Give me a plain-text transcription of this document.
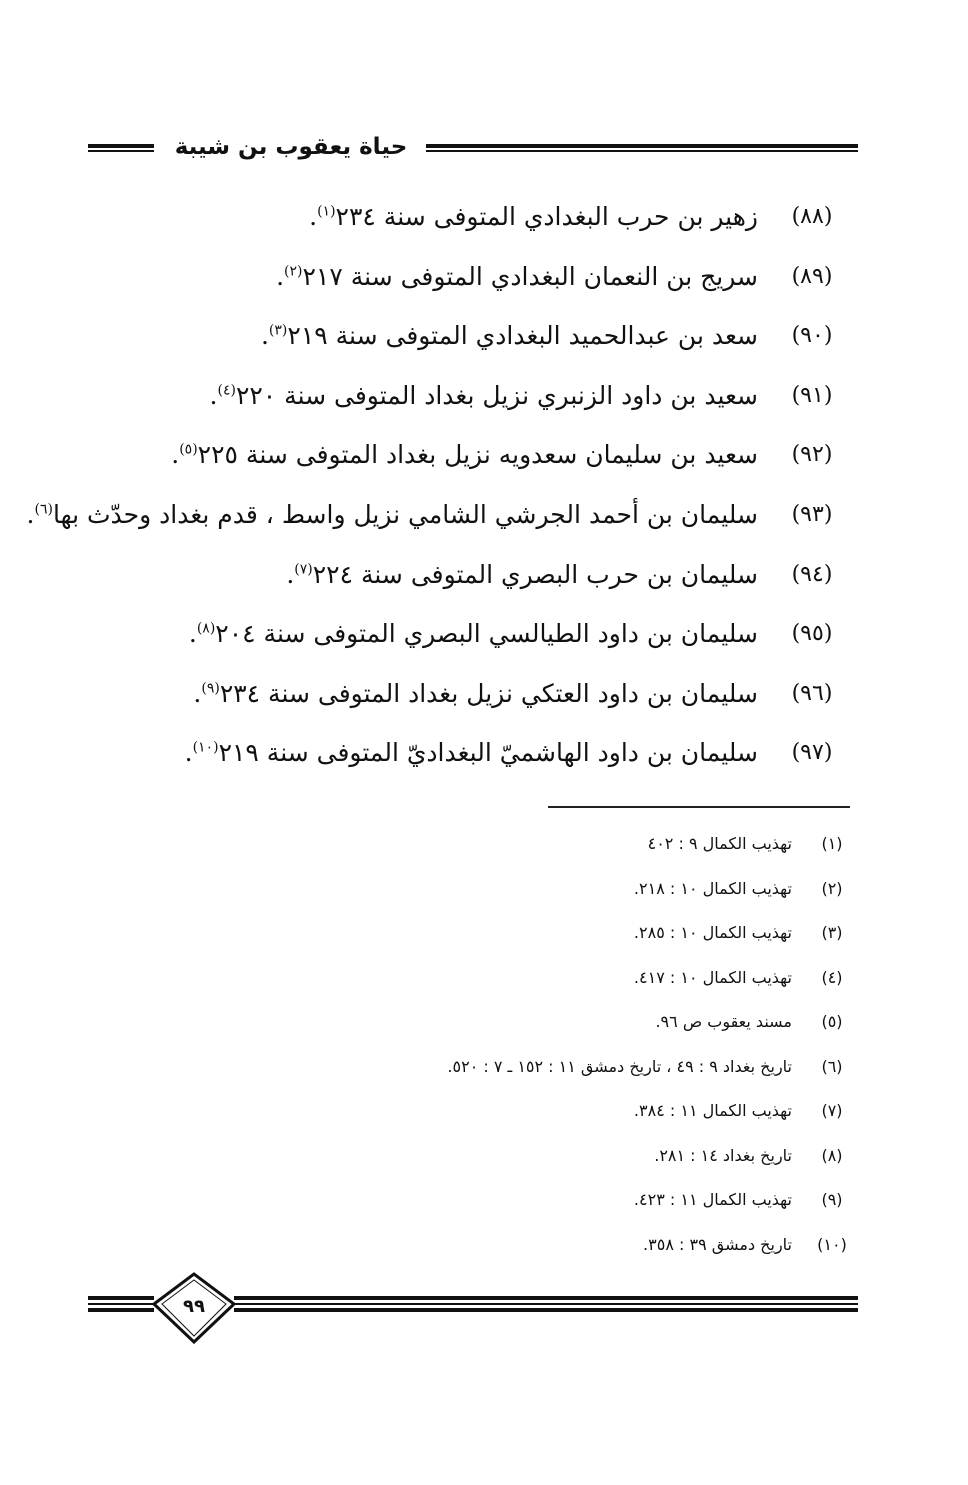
حياة يعقوب بن شيبة
(٨٨)
زهير بن حرب البغدادي المتوفى سنة ٢٣٤$^{(١)}$.
(٨٩)
سريج بن النعمان البغدادي المتوفى سنة ٢١٧$^{(٢)}$.
(٩٠)
سعد بن عبدالحميد البغدادي المتوفى سنة ٢١٩$^{(٣)}$.
(٩١)
سعيد بن داود الزنبري نزيل بغداد المتوفى سنة ٢٢٠$^{(٤)}$.
(٩٢)
سعيد بن سليمان سعدويه نزيل بغداد المتوفى سنة ٢٢٥$^{(٥)}$.
(٩٣)
سليمان بن أحمد الجرشي الشامي نزيل واسط ، قدم بغداد وحدّث بها$^{(٦)}$.
(٩٤)
سليمان بن حرب البصري المتوفى سنة ٢٢٤$^{(٧)}$.
(٩٥)
سليمان بن داود الطيالسي البصري المتوفى سنة ٢٠٤$^{(٨)}$.
(٩٦)
سليمان بن داود العتكي نزيل بغداد المتوفى سنة ٢٣٤$^{(٩)}$.
(٩٧)
سليمان بن داود الهاشميّ البغداديّ المتوفى سنة ٢١٩$^{(١٠)}$.
(١)
تهذيب الكمال ٩ : ٤٠٢
(٢)
تهذيب الكمال ١٠ : ٢١٨.
(٣)
تهذيب الكمال ١٠ : ٢٨٥.
(٤)
تهذيب الكمال ١٠ : ٤١٧.
(٥)
مسند يعقوب ص ٩٦.
(٦)
تاريخ بغداد ٩ : ٤٩ ، تاريخ دمشق ١١ : ١٥٢ ـ ٧ : ٥٢٠.
(٧)
تهذيب الكمال ١١ : ٣٨٤.
(٨)
تاريخ بغداد ١٤ : ٢٨١.
(٩)
تهذيب الكمال ١١ : ٤٢٣.
(١٠)
تاريخ دمشق ٣٩ : ٣٥٨.
٩٩
